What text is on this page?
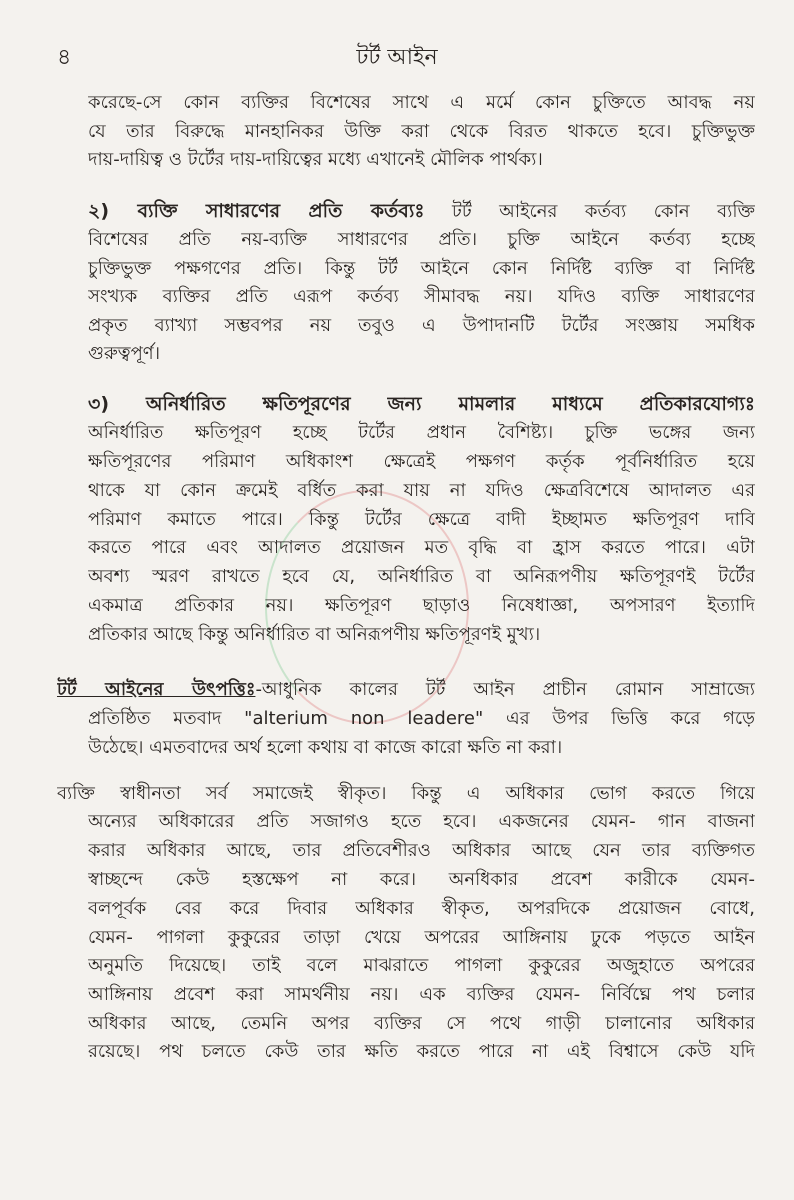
৪	টর্ট আইন
করেছে-সে কোন ব্যক্তির বিশেষের সাথে এ মর্মে কোন চুক্তিতে আবদ্ধ নয়
যে তার বিরুদ্ধে মানহানিকর উক্তি করা থেকে বিরত থাকতে হবে। চুক্তিভুক্ত
দায়-দায়িত্ব ও টর্টের দায়-দায়িত্বের মধ্যে এখানেই মৌলিক পার্থক্য।
২) ব্যক্তি সাধারণের প্রতি কর্তব্যঃ টর্ট আইনের কর্তব্য কোন ব্যক্তি
বিশেষের প্রতি নয়-ব্যক্তি সাধারণের প্রতি। চুক্তি আইনে কর্তব্য হচ্ছে
চুক্তিভুক্ত পক্ষগণের প্রতি। কিন্তু টর্ট আইনে কোন নির্দিষ্ট ব্যক্তি বা নির্দিষ্ট
সংখ্যক ব্যক্তির প্রতি এরূপ কর্তব্য সীমাবদ্ধ নয়। যদিও ব্যক্তি সাধারণের
প্রকৃত ব্যাখ্যা সম্ভবপর নয় তবুও এ উপাদানটি টর্টের সংজ্ঞায় সমধিক
গুরুত্বপূর্ণ।
৩) অনির্ধারিত ক্ষতিপূরণের জন্য মামলার মাধ্যমে প্রতিকারযোগ্যঃ
অনির্ধারিত ক্ষতিপূরণ হচ্ছে টর্টের প্রধান বৈশিষ্ট্য। চুক্তি ভঙ্গের জন্য
ক্ষতিপূরণের পরিমাণ অধিকাংশ ক্ষেত্রেই পক্ষগণ কর্তৃক পূর্বনির্ধারিত হয়ে
থাকে যা কোন ক্রমেই বর্ধিত করা যায় না যদিও ক্ষেত্রবিশেষে আদালত এর
পরিমাণ কমাতে পারে। কিন্তু টর্টের ক্ষেত্রে বাদী ইচ্ছামত ক্ষতিপূরণ দাবি
করতে পারে এবং আদালত প্রয়োজন মত বৃদ্ধি বা হ্রাস করতে পারে। এটা
অবশ্য স্মরণ রাখতে হবে যে, অনির্ধারিত বা অনিরূপণীয় ক্ষতিপূরণই টর্টের
একমাত্র প্রতিকার নয়। ক্ষতিপূরণ ছাড়াও নিষেধাজ্ঞা, অপসারণ ইত্যাদি
প্রতিকার আছে কিন্তু অনির্ধারিত বা অনিরূপণীয় ক্ষতিপূরণই মুখ্য।
টর্ট আইনের উৎপত্তিঃ-আধুনিক কালের টর্ট আইন প্রাচীন রোমান সাম্রাজ্যে
প্রতিষ্ঠিত মতবাদ "alterium non leadere" এর উপর ভিত্তি করে গড়ে
উঠেছে। এমতবাদের অর্থ হলো কথায় বা কাজে কারো ক্ষতি না করা।
ব্যক্তি স্বাধীনতা সর্ব সমাজেই স্বীকৃত। কিন্তু এ অধিকার ভোগ করতে গিয়ে
অন্যের অধিকারের প্রতি সজাগও হতে হবে। একজনের যেমন- গান বাজনা
করার অধিকার আছে, তার প্রতিবেশীরও অধিকার আছে যেন তার ব্যক্তিগত
স্বাচ্ছন্দে কেউ হস্তক্ষেপ না করে। অনধিকার প্রবেশ কারীকে যেমন-
বলপূর্বক বের করে দিবার অধিকার স্বীকৃত, অপরদিকে প্রয়োজন বোধে,
যেমন- পাগলা কুকুরের তাড়া খেয়ে অপরের আঙ্গিনায় ঢুকে পড়তে আইন
অনুমতি দিয়েছে। তাই বলে মাঝরাতে পাগলা কুকুরের অজুহাতে অপরের
আঙ্গিনায় প্রবেশ করা সামর্থনীয় নয়। এক ব্যক্তির যেমন- নির্বিঘ্নে পথ চলার
অধিকার আছে, তেমনি অপর ব্যক্তির সে পথে গাড়ী চালানোর অধিকার
রয়েছে। পথ চলতে কেউ তার ক্ষতি করতে পারে না এই বিশ্বাসে কেউ যদি
